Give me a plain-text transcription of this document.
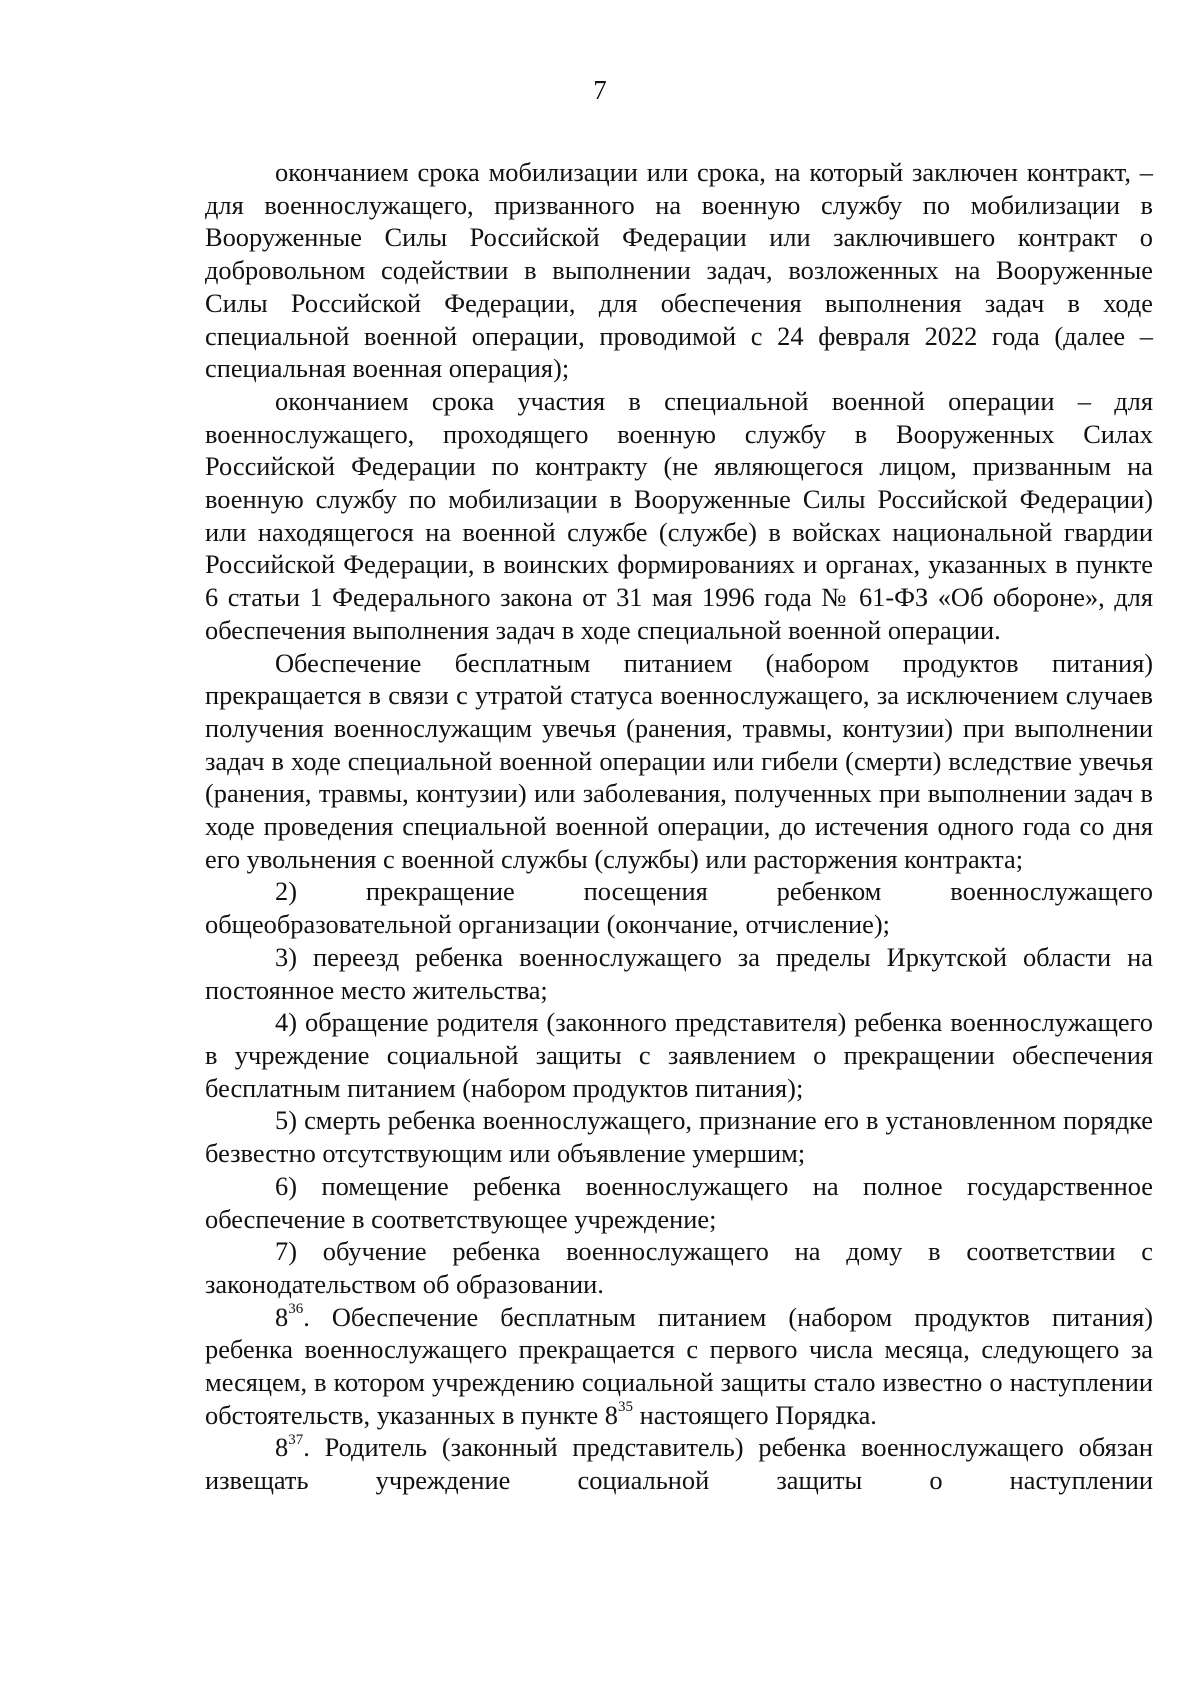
7

окончанием срока мобилизации или срока, на который заключен контракт, – для военнослужащего, призванного на военную службу по мобилизации в Вооруженные Силы Российской Федерации или заключившего контракт о добровольном содействии в выполнении задач, возложенных на Вооруженные Силы Российской Федерации, для обеспечения выполнения задач в ходе специальной военной операции, проводимой с 24 февраля 2022 года (далее – специальная военная операция);

окончанием срока участия в специальной военной операции – для военнослужащего, проходящего военную службу в Вооруженных Силах Российской Федерации по контракту (не являющегося лицом, призванным на военную службу по мобилизации в Вооруженные Силы Российской Федерации) или находящегося на военной службе (службе) в войсках национальной гвардии Российской Федерации, в воинских формированиях и органах, указанных в пункте 6 статьи 1 Федерального закона от 31 мая 1996 года № 61-ФЗ «Об обороне», для обеспечения выполнения задач в ходе специальной военной операции.

Обеспечение бесплатным питанием (набором продуктов питания) прекращается в связи с утратой статуса военнослужащего, за исключением случаев получения военнослужащим увечья (ранения, травмы, контузии) при выполнении задач в ходе специальной военной операции или гибели (смерти) вследствие увечья (ранения, травмы, контузии) или заболевания, полученных при выполнении задач в ходе проведения специальной военной операции, до истечения одного года со дня его увольнения с военной службы (службы) или расторжения контракта;

2) прекращение посещения ребенком военнослужащего общеобразовательной организации (окончание, отчисление);

3) переезд ребенка военнослужащего за пределы Иркутской области на постоянное место жительства;

4) обращение родителя (законного представителя) ребенка военнослужащего в учреждение социальной защиты с заявлением о прекращении обеспечения бесплатным питанием (набором продуктов питания);

5) смерть ребенка военнослужащего, признание его в установленном порядке безвестно отсутствующим или объявление умершим;

6) помещение ребенка военнослужащего на полное государственное обеспечение в соответствующее учреждение;

7) обучение ребенка военнослужащего на дому в соответствии с законодательством об образовании.

$8^{36}$. Обеспечение бесплатным питанием (набором продуктов питания) ребенка военнослужащего прекращается с первого числа месяца, следующего за месяцем, в котором учреждению социальной защиты стало известно о наступлении обстоятельств, указанных в пункте $8^{35}$ настоящего Порядка.

$8^{37}$. Родитель (законный представитель) ребенка военнослужащего обязан извещать учреждение социальной защиты о наступлении
